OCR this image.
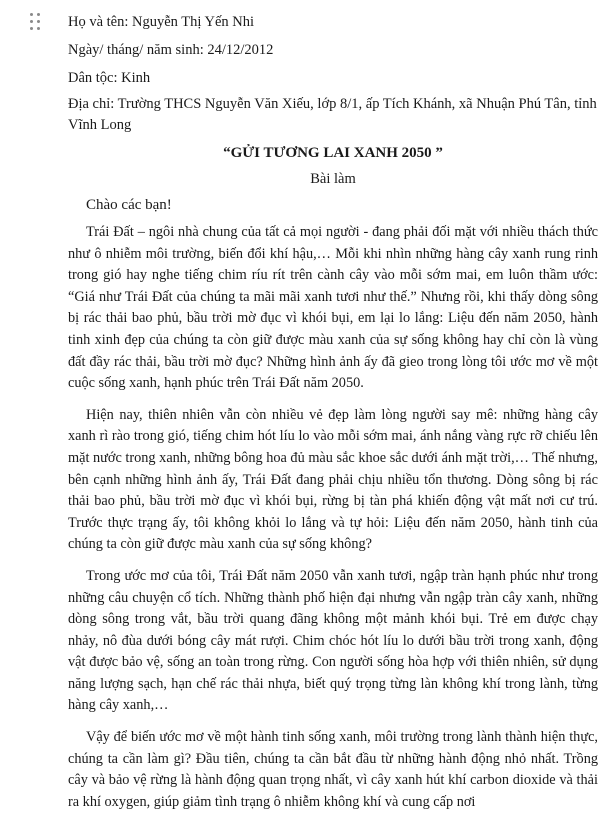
Họ và tên: Nguyễn Thị Yến Nhi
Ngày/ tháng/ năm sinh: 24/12/2012
Dân tộc: Kinh
Địa chỉ: Trường THCS Nguyễn Văn Xiếu, lớp 8/1, ấp Tích Khánh, xã Nhuận Phú Tân, tỉnh Vĩnh Long
“GỬI TƯƠNG LAI XANH 2050 ”
Bài làm
Chào các bạn!

Trái Đất – ngôi nhà chung của tất cả mọi người - đang phải đối mặt với nhiều thách thức như ô nhiễm môi trường, biến đổi khí hậu,… Mỗi khi nhìn những hàng cây xanh rung rinh trong gió hay nghe tiếng chim ríu rít trên cành cây vào mỗi sớm mai, em luôn thầm ước: “Giá như Trái Đất của chúng ta mãi mãi xanh tươi như thế.” Nhưng rồi, khi thấy dòng sông bị rác thải bao phủ, bầu trời mờ đục vì khói bụi, em lại lo lắng: Liệu đến năm 2050, hành tinh xinh đẹp của chúng ta còn giữ được màu xanh của sự sống không hay chỉ còn là vùng đất đầy rác thải, bầu trời mờ đục? Những hình ảnh ấy đã gieo trong lòng tôi ước mơ về một cuộc sống xanh, hạnh phúc trên Trái Đất năm 2050.

Hiện nay, thiên nhiên vẫn còn nhiều vẻ đẹp làm lòng người say mê: những hàng cây xanh rì rào trong gió, tiếng chim hót líu lo vào mỗi sớm mai, ánh nắng vàng rực rỡ chiếu lên mặt nước trong xanh, những bông hoa đủ màu sắc khoe sắc dưới ánh mặt trời,… Thế nhưng, bên cạnh những hình ảnh ấy, Trái Đất đang phải chịu nhiều tổn thương. Dòng sông bị rác thải bao phủ, bầu trời mờ đục vì khói bụi, rừng bị tàn phá khiến động vật mất nơi cư trú. Trước thực trạng ấy, tôi không khỏi lo lắng và tự hỏi: Liệu đến năm 2050, hành tinh của chúng ta còn giữ được màu xanh của sự sống không?

Trong ước mơ của tôi, Trái Đất năm 2050 vẫn xanh tươi, ngập tràn hạnh phúc như trong những câu chuyện cổ tích. Những thành phố hiện đại nhưng vẫn ngập tràn cây xanh, những dòng sông trong vắt, bầu trời quang đãng không một mảnh khói bụi. Trẻ em được chạy nhảy, nô đùa dưới bóng cây mát rượi. Chim chóc hót líu lo dưới bầu trời trong xanh, động vật được bảo vệ, sống an toàn trong rừng. Con người sống hòa hợp với thiên nhiên, sử dụng năng lượng sạch, hạn chế rác thải nhựa, biết quý trọng từng làn không khí trong lành, từng hàng cây xanh,…

Vậy để biến ước mơ về một hành tinh sống xanh, môi trường trong lành thành hiện thực, chúng ta cần làm gì? Đầu tiên, chúng ta cần bắt đầu từ những hành động nhỏ nhất. Trồng cây và bảo vệ rừng là hành động quan trọng nhất, vì cây xanh hút khí carbon dioxide và thải ra khí oxygen, giúp giảm tình trạng ô nhiễm không khí và cung cấp nơi
